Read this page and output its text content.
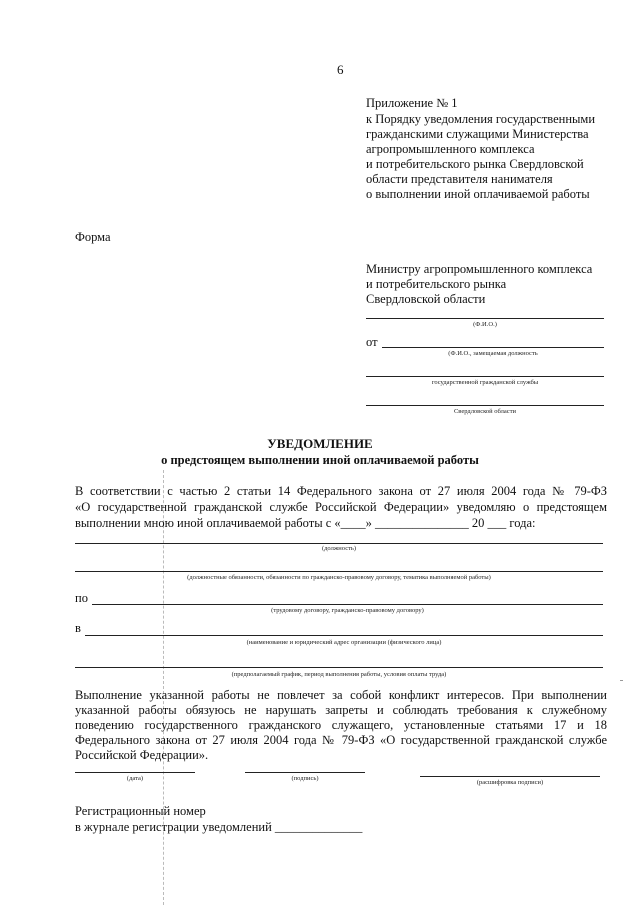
6
Приложение № 1
к Порядку уведомления государственными
гражданскими служащими Министерства
агропромышленного комплекса
и потребительского рынка Свердловской
области представителя нанимателя
о выполнении иной оплачиваемой работы
Форма
Министру агропромышленного комплекса
и потребительского рынка
Свердловской области
(Ф.И.О.)
от
(Ф.И.О., замещаемая должность
государственной гражданской службы
Свердловской области
УВЕДОМЛЕНИЕ
о предстоящем выполнении иной оплачиваемой работы
В соответствии с частью 2 статьи 14 Федерального закона от 27 июля 2004 года № 79-ФЗ
«О государственной гражданской службе Российской Федерации» уведомляю о предстоящем
выполнении мною иной оплачиваемой работы с «____» _______________ 20 ___ года:
(должность)
(должностные обязанности, обязанности по гражданско-правовому договору, тематика выполняемой работы)
по
(трудовому договору, гражданско-правовому договору)
в
(наименование и юридический адрес организации (физического лица)
(предполагаемый график, период выполнения работы, условия оплаты труда)
Выполнение указанной работы не повлечет за собой конфликт интересов. При выполнении
указанной работы обязуюсь не нарушать запреты и соблюдать требования к служебному
поведению государственного гражданского служащего, установленные статьями 17 и 18
Федерального закона от 27 июля 2004 года № 79-ФЗ «О государственной гражданской службе
Российской Федерации».
(дата)	(подпись)
(расшифровка подписи)
Регистрационный номер
в журнале регистрации уведомлений ______________
